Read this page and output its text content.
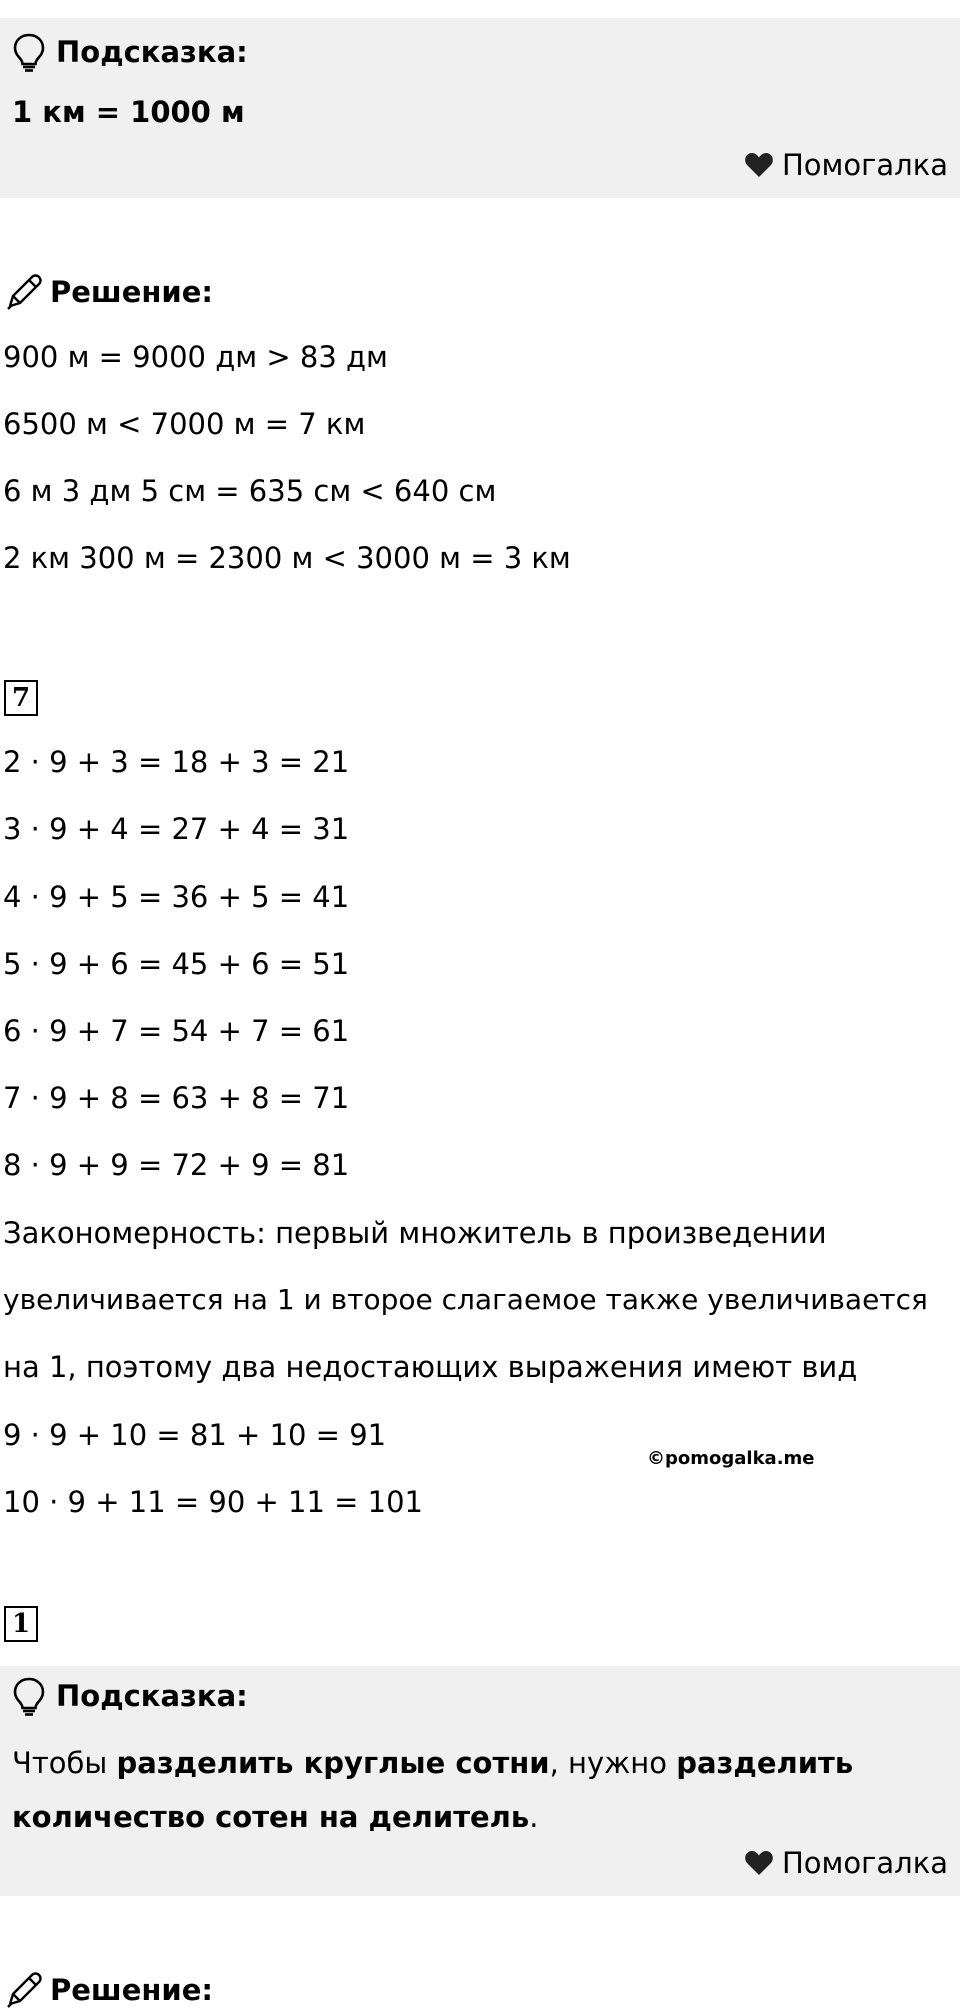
Подсказка:
1 км = 1000 м
Помогалка
Решение:
900 м = 9000 дм > 83 дм
6500 м < 7000 м = 7 км
6 м 3 дм 5 см = 635 см < 640 см
2 км 300 м = 2300 м < 3000 м = 3 км
7
2 · 9 + 3 = 18 + 3 = 21
3 · 9 + 4 = 27 + 4 = 31
4 · 9 + 5 = 36 + 5 = 41
5 · 9 + 6 = 45 + 6 = 51
6 · 9 + 7 = 54 + 7 = 61
7 · 9 + 8 = 63 + 8 = 71
8 · 9 + 9 = 72 + 9 = 81
Закономерность: первый множитель в произведении
увеличивается на 1 и второе слагаемое также увеличивается
на 1, поэтому два недостающих выражения имеют вид
9 · 9 + 10 = 81 + 10 = 91
©pomogalka.me
10 · 9 + 11 = 90 + 11 = 101
1
Подсказка:
Чтобы разделить круглые сотни, нужно разделить количество сотен на делитель.
Помогалка
Решение:
